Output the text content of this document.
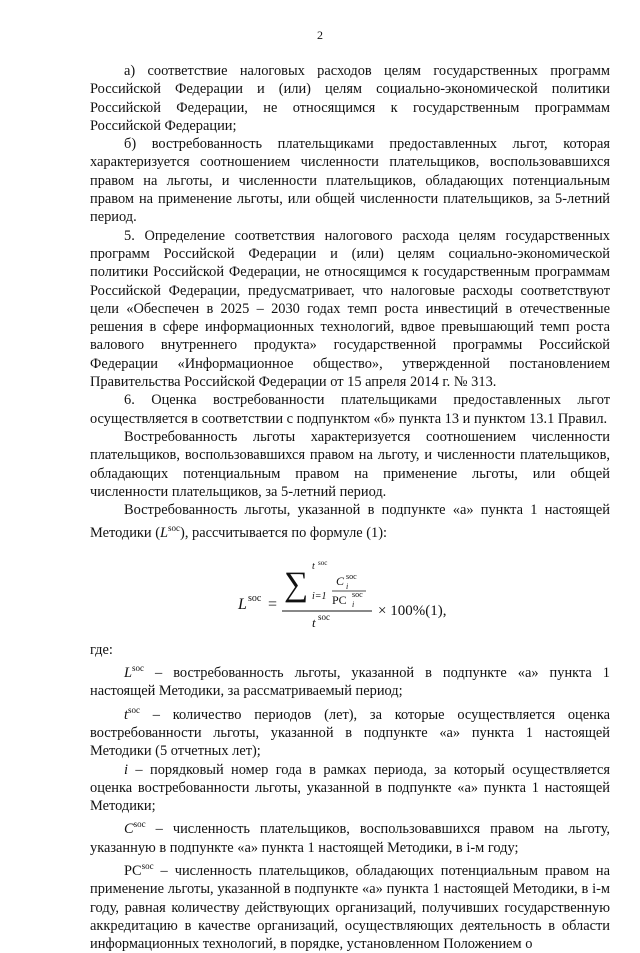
2

а) соответствие налоговых расходов целям государственных программ Российской Федерации и (или) целям социально-экономической политики Российской Федерации, не относящимся к государственным программам Российской Федерации;

б) востребованность плательщиками предоставленных льгот, которая характеризуется соотношением численности плательщиков, воспользовавшихся правом на льготы, и численности плательщиков, обладающих потенциальным правом на применение льготы, или общей численности плательщиков, за 5-летний период.

5. Определение соответствия налогового расхода целям государственных программ Российской Федерации и (или) целям социально-экономической политики Российской Федерации, не относящимся к государственным программам Российской Федерации, предусматривает, что налоговые расходы соответствуют цели «Обеспечен в 2025 – 2030 годах темп роста инвестиций в отечественные решения в сфере информационных технологий, вдвое превышающий темп роста валового внутреннего продукта» государственной программы Российской Федерации «Информационное общество», утвержденной постановлением Правительства Российской Федерации от 15 апреля 2014 г. № 313.

6. Оценка востребованности плательщиками предоставленных льгот осуществляется в соответствии с подпунктом «б» пункта 13 и пунктом 13.1 Правил.

Востребованность льготы характеризуется соотношением численности плательщиков, воспользовавшихся правом на льготу, и численности плательщиков, обладающих потенциальным правом на применение льготы, или общей численности плательщиков, за 5-летний период.

Востребованность льготы, указанной в подпункте «а» пункта 1 настоящей Методики $(L^{soc})$, рассчитывается по формуле (1):

L soc =
∑ t soc
i=1
C soc
i
PC soc
i
t soc	× 100%(1),

где:

$L^{soc}$ – востребованность льготы, указанной в подпункте «а» пункта 1 настоящей Методики, за рассматриваемый период;

$t^{soc}$ – количество периодов (лет), за которые осуществляется оценка востребованности льготы, указанной в подпункте «а» пункта 1 настоящей Методики (5 отчетных лет);

i – порядковый номер года в рамках периода, за который осуществляется оценка востребованности льготы, указанной в подпункте «а» пункта 1 настоящей Методики;

$C^{soc}$ – численность плательщиков, воспользовавшихся правом на льготу, указанную в подпункте «а» пункта 1 настоящей Методики, в i-м году;

$PC^{soc}$ – численность плательщиков, обладающих потенциальным правом на применение льготы, указанной в подпункте «а» пункта 1 настоящей Методики, в i-м году, равная количеству действующих организаций, получивших государственную аккредитацию в качестве организаций, осуществляющих деятельность в области информационных технологий, в порядке, установленном Положением о
